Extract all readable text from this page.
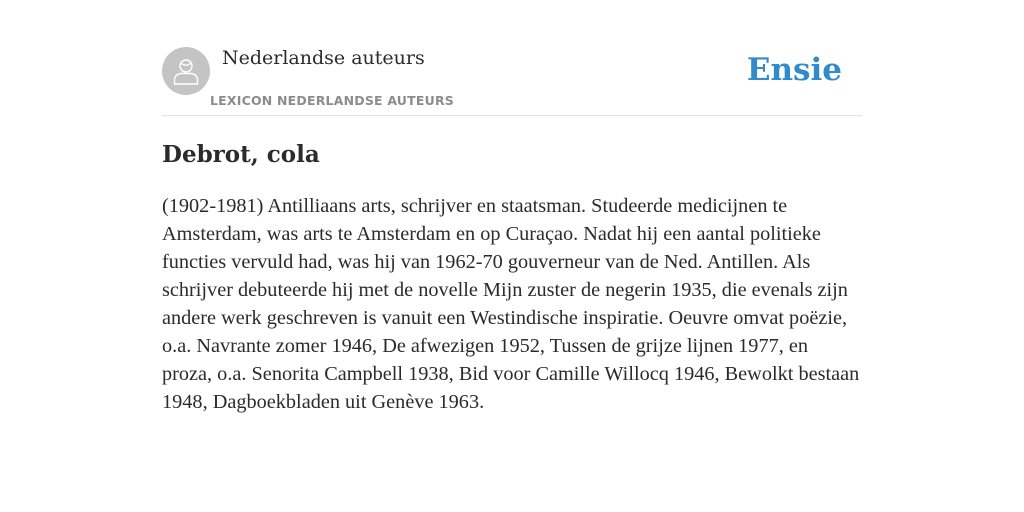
Nederlandse auteurs
LEXICON NEDERLANDSE AUTEURS
Ensie
Debrot, cola

(1902-1981) Antilliaans arts, schrijver en staatsman. Studeerde medicijnen te Amsterdam, was arts te Amsterdam en op Curaçao. Nadat hij een aantal politieke functies vervuld had, was hij van 1962-70 gouverneur van de Ned. Antillen. Als schrijver debuteerde hij met de novelle Mijn zuster de negerin 1935, die evenals zijn andere werk geschreven is vanuit een Westindische inspiratie. Oeuvre omvat poëzie, o.a. Navrante zomer 1946, De afwezigen 1952, Tussen de grijze lijnen 1977, en proza, o.a. Senorita Campbell 1938, Bid voor Camille Willocq 1946, Bewolkt bestaan 1948, Dagboekbladen uit Genève 1963.
